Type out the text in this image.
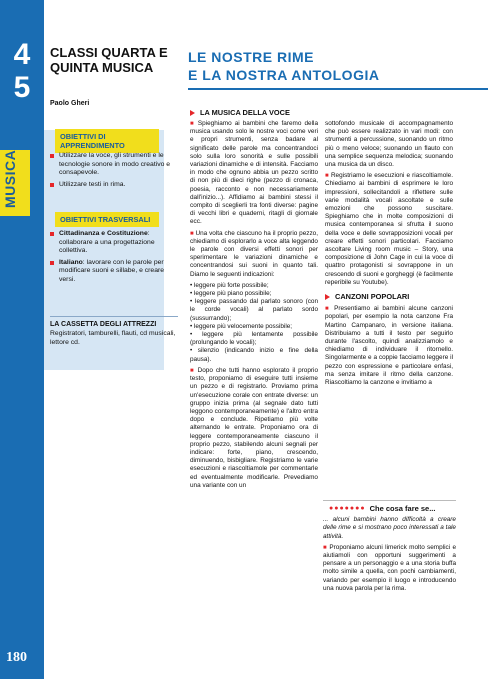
4
5
MUSICA
180
CLASSI QUARTA E QUINTA MUSICA
Paolo Gheri
OBIETTIVI DI APPRENDIMENTO
Utilizzare la voce, gli strumenti e le tecnologie sonore in modo creativo e consapevole.
Utilizzare testi in rima.
OBIETTIVI TRASVERSALI
Cittadinanza e Costituzione: collaborare a una progettazione collettiva.
Italiano: lavorare con le parole per modificare suoni e sillabe, e creare versi.
LA CASSETTA DEGLI ATTREZZI
Registratori, tamburelli, flauti, cd musicali, lettore cd.
LE NOSTRE RIME
E LA NOSTRA ANTOLOGIA
LA MUSICA DELLA VOCE

■ Spieghiamo ai bambini che faremo della musica usando solo le nostre voci come veri e propri strumenti, senza badare al significato delle parole ma concentrandoci solo sulla loro sonorità e sulle possibili variazioni dinamiche e di intensità. Facciamo in modo che ognuno abbia un pezzo scritto di non più di dieci righe (pezzo di cronaca, poesia, racconto e non necessariamente dall'inizio...). Affidiamo ai bambini stessi il compito di sceglierli tra fonti diverse: pagine di vecchi libri e quaderni, ritagli di giornale ecc.

■ Una volta che ciascuno ha il proprio pezzo, chiediamo di esplorarlo a voce alta leggendo le parole con diversi effetti sonori per sperimentare le variazioni dinamiche e concentrandosi sui suoni in quanto tali. Diamo le seguenti indicazioni:

• leggere più forte possibile;
• leggere più piano possibile;
• leggere passando dal parlato sonoro (con le corde vocali) al parlato sordo (sussurrando);
• leggere più velocemente possibile;
• leggere più lentamente possibile (prolungando le vocali);
• silenzio (indicando inizio e fine della pausa).

■ Dopo che tutti hanno esplorato il proprio testo, proponiamo di eseguire tutti insieme un pezzo e di registrarlo. Proviamo prima un'esecuzione corale con entrate diverse: un gruppo inizia prima (al segnale dato tutti leggono contemporaneamente) e l'altro entra dopo e conclude. Ripetiamo più volte alternando le entrate. Proponiamo ora di leggere contemporaneamente ciascuno il proprio pezzo, stabilendo alcuni segnali per indicare: forte, piano, crescendo, diminuendo, bisbigliare. Registriamo le varie esecuzioni e riascoltiamole per commentarle ed eventualmente modificarle. Prevediamo una variante con un

sottofondo musicale di accompagnamento che può essere realizzato in vari modi: con strumenti a percussione, suonando un ritmo più o meno veloce; suonando un flauto con una semplice sequenza melodica; suonando una musica da un disco.

■ Registriamo le esecuzioni e riascoltiamole. Chiediamo ai bambini di esprimere le loro impressioni, sollecitandoli a riflettere sulle varie modalità vocali ascoltate e sulle emozioni che possono suscitare. Spieghiamo che in molte composizioni di musica contemporanea si sfrutta il suono della voce e delle sovrapposizioni vocali per creare effetti sonori particolari. Facciamo ascoltare Living room music – Story, una composizione di John Cage in cui la voce di quattro protagonisti si sovrappone in un crescendo di suoni e gorgheggi (è facilmente reperibile su Youtube).

CANZONI POPOLARI

■ Presentiamo ai bambini alcune canzoni popolari, per esempio la nota canzone Fra Martino Campanaro, in versione italiana. Distribuiamo a tutti il testo per seguirlo durante l'ascolto, quindi analizziamolo e chiediamo di individuare il ritornello. Singolarmente e a coppie facciamo leggere il pezzo con espressione e particolare enfasi, ma senza imitare il ritmo della canzone. Riascoltiamo la canzone e invitiamo a

●●●●●●● Che cosa fare se...

... alcuni bambini hanno difficoltà a creare delle rime e si mostrano poco interessati a tale attività.

■ Proponiamo alcuni limerick molto semplici e aiutiamoli con opportuni suggerimenti a pensare a un personaggio e a una storia buffa molto simile a quella, con pochi cambiamenti, variando per esempio il luogo e introducendo una nuova parola per la rima.
